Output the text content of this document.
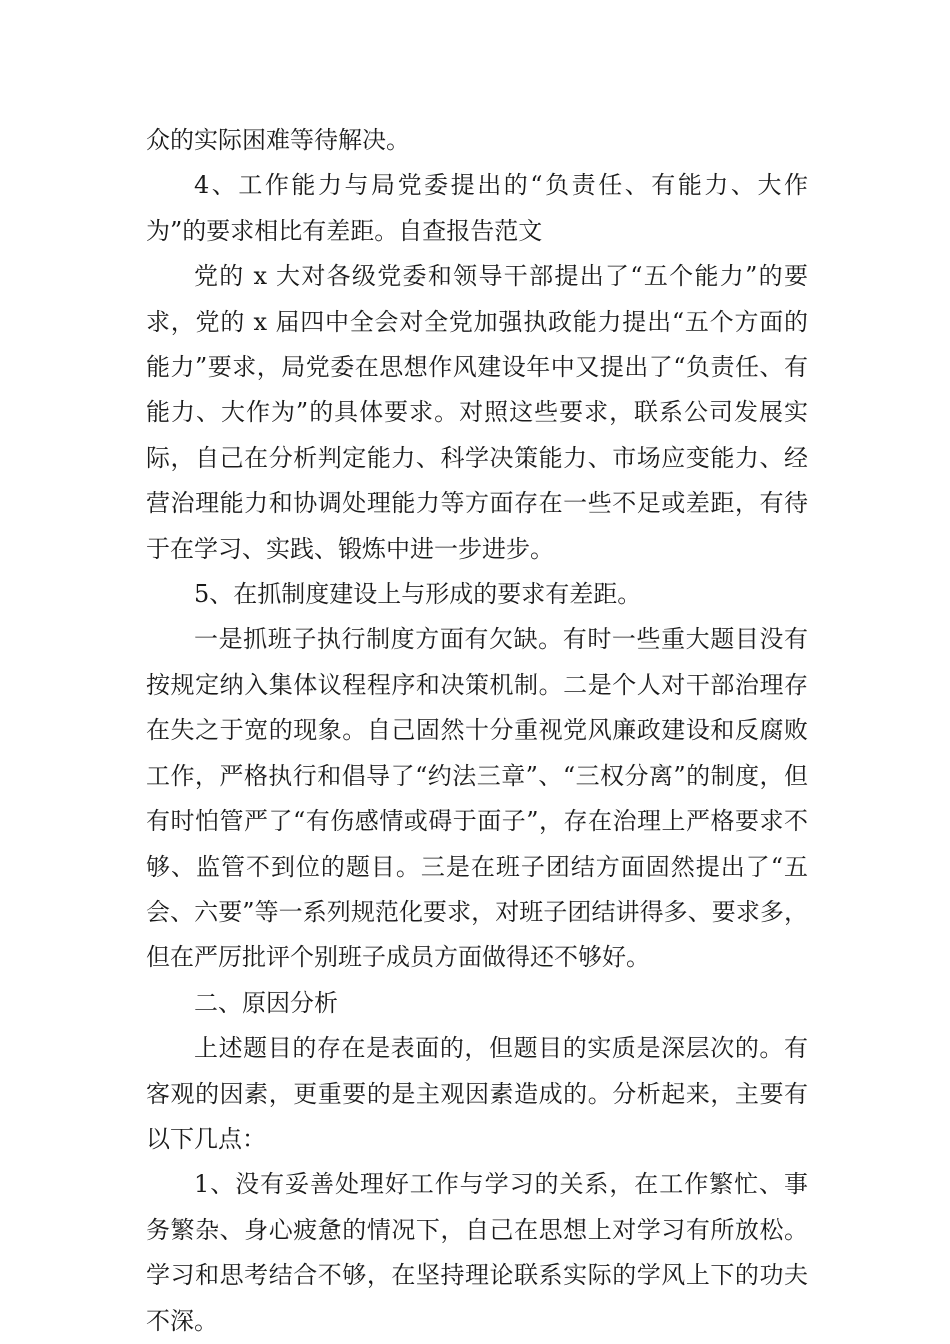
众的实际困难等待解决。

4、工作能力与局党委提出的“负责任、有能力、大作为”的要求相比有差距。自查报告范文

党的 x 大对各级党委和领导干部提出了“五个能力”的要求，党的 x 届四中全会对全党加强执政能力提出“五个方面的能力”要求，局党委在思想作风建设年中又提出了“负责任、有能力、大作为”的具体要求。对照这些要求，联系公司发展实际，自己在分析判定能力、科学决策能力、市场应变能力、经营治理能力和协调处理能力等方面存在一些不足或差距，有待于在学习、实践、锻炼中进一步进步。

5、在抓制度建设上与形成的要求有差距。

一是抓班子执行制度方面有欠缺。有时一些重大题目没有按规定纳入集体议程程序和决策机制。二是个人对干部治理存在失之于宽的现象。自己固然十分重视党风廉政建设和反腐败工作，严格执行和倡导了“约法三章”、“三权分离”的制度，但有时怕管严了“有伤感情或碍于面子”，存在治理上严格要求不够、监管不到位的题目。三是在班子团结方面固然提出了“五会、六要”等一系列规范化要求，对班子团结讲得多、要求多，但在严厉批评个别班子成员方面做得还不够好。

二、原因分析

上述题目的存在是表面的，但题目的实质是深层次的。有客观的因素，更重要的是主观因素造成的。分析起来，主要有以下几点：

1、没有妥善处理好工作与学习的关系，在工作繁忙、事务繁杂、身心疲惫的情况下，自己在思想上对学习有所放松。学习和思考结合不够，在坚持理论联系实际的学风上下的功夫不深。
